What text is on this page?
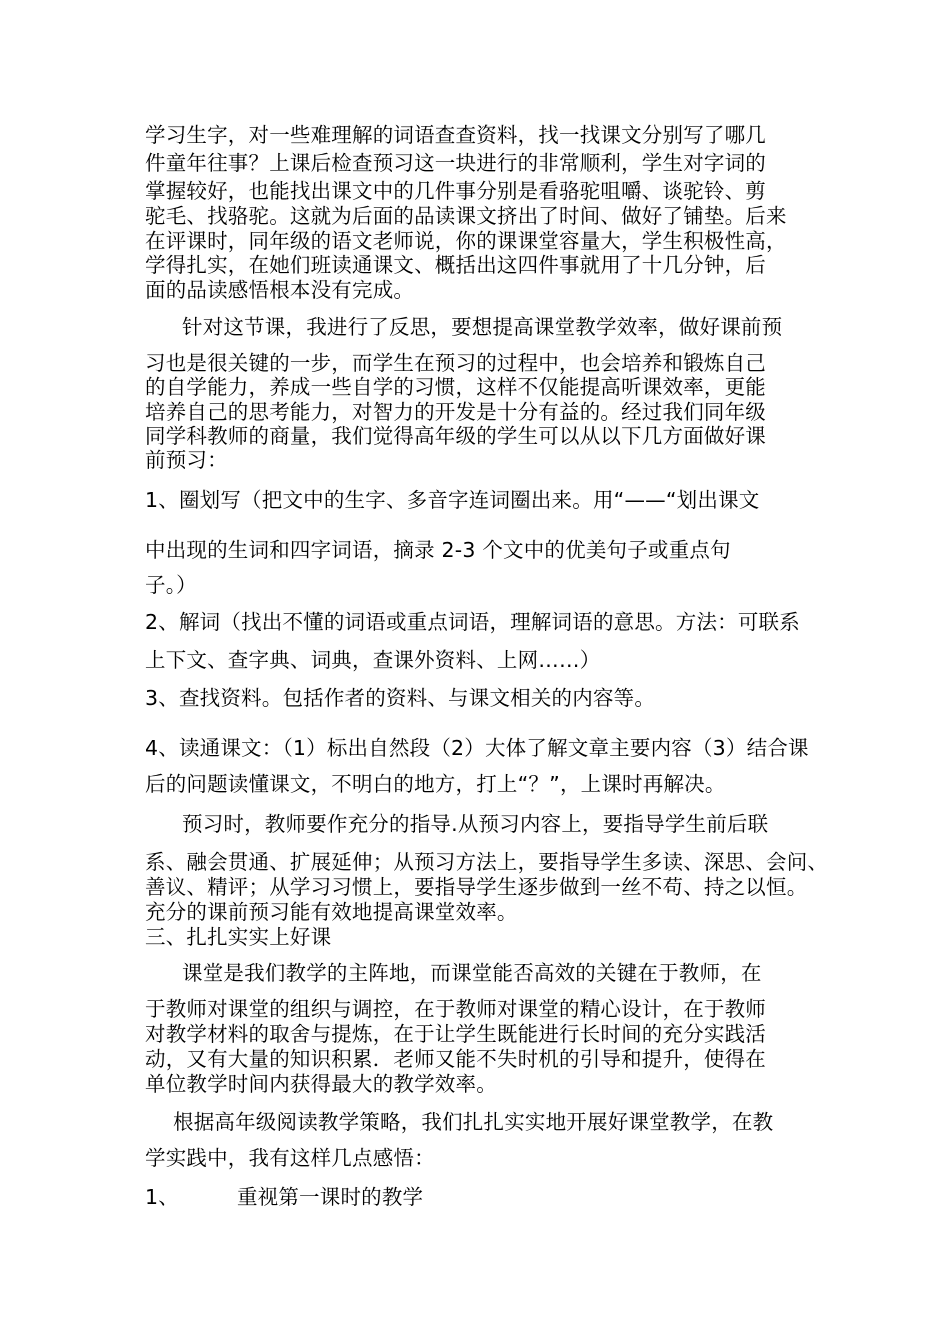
学习生字，对一些难理解的词语查查资料，找一找课文分别写了哪几
件童年往事？上课后检查预习这一块进行的非常顺利，学生对字词的
掌握较好，也能找出课文中的几件事分别是看骆驼咀嚼、谈驼铃、剪
驼毛、找骆驼。这就为后面的品读课文挤出了时间、做好了铺垫。后来
在评课时，同年级的语文老师说，你的课课堂容量大，学生积极性高，
学得扎实，在她们班读通课文、概括出这四件事就用了十几分钟，后
面的品读感悟根本没有完成。
针对这节课，我进行了反思，要想提高课堂教学效率，做好课前预
习也是很关键的一步，而学生在预习的过程中，也会培养和锻炼自己
的自学能力，养成一些自学的习惯，这样不仅能提高听课效率，更能
培养自己的思考能力，对智力的开发是十分有益的。经过我们同年级
同学科教师的商量，我们觉得高年级的学生可以从以下几方面做好课
前预习：
1、圈划写（把文中的生字、多音字连词圈出来。用“——“划出课文
中出现的生词和四字词语，摘录 2-3 个文中的优美句子或重点句
子。）
2、解词（找出不懂的词语或重点词语，理解词语的意思。方法：可联系
上下文、查字典、词典，查课外资料、上网……）
3、查找资料。包括作者的资料、与课文相关的内容等。
4、读通课文：（1）标出自然段（2）大体了解文章主要内容（3）结合课
后的问题读懂课文，不明白的地方，打上“？”，上课时再解决。
预习时，教师要作充分的指导.从预习内容上，要指导学生前后联
系、融会贯通、扩展延伸；从预习方法上，要指导学生多读、深思、会问、
善议、精评；从学习习惯上，要指导学生逐步做到一丝不苟、持之以恒。
充分的课前预习能有效地提高课堂效率。
三、扎扎实实上好课
课堂是我们教学的主阵地，而课堂能否高效的关键在于教师，在
于教师对课堂的组织与调控，在于教师对课堂的精心设计，在于教师
对教学材料的取舍与提炼，在于让学生既能进行长时间的充分实践活
动，又有大量的知识积累．老师又能不失时机的引导和提升，使得在
单位教学时间内获得最大的教学效率。
根据高年级阅读教学策略，我们扎扎实实地开展好课堂教学，在教
学实践中，我有这样几点感悟：
1、	重视第一课时的教学
